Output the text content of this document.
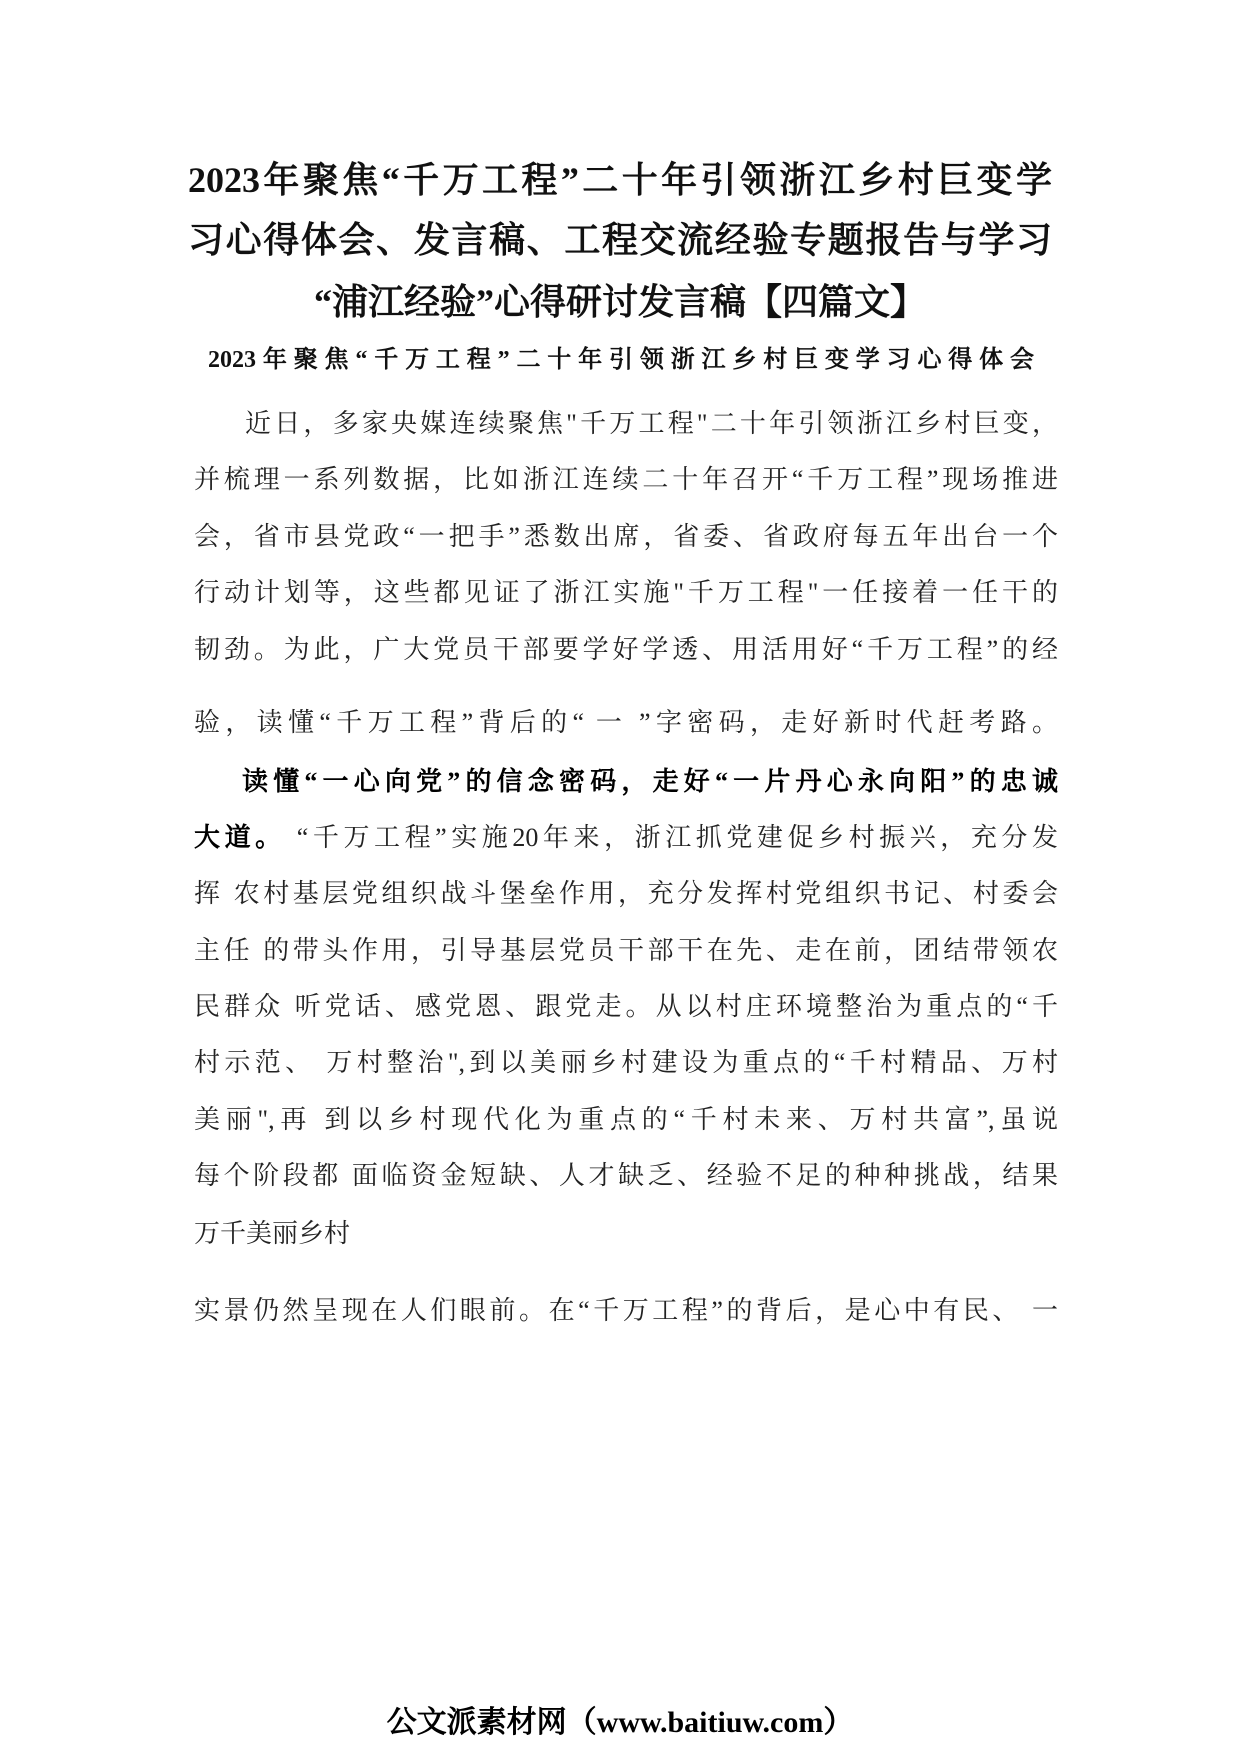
2023年聚焦“千万工程”二十年引领浙江乡村巨变学
习心得体会、发言稿、工程交流经验专题报告与学习
“浦江经验”心得研讨发言稿【四篇文】
2023年聚焦“千万工程”二十年引领浙江乡村巨变学习心得体会
近日，多家央媒连续聚焦"千万工程"二十年引领浙江乡村巨变，
并梳理一系列数据，比如浙江连续二十年召开“千万工程”现场推进
会，省市县党政“一把手”悉数出席，省委、省政府每五年出台一个
行动计划等，这些都见证了浙江实施"千万工程"一任接着一任干的
韧劲。为此，广大党员干部要学好学透、用活用好“千万工程”的经
验，读懂“千万工程”背后的“ 一 ”字密码，走好新时代赶考路。
读懂“一心向党”的信念密码，走好“一片丹心永向阳”的忠诚
大道。 “千万工程”实施20年来，浙江抓党建促乡村振兴，充分发
挥 农村基层党组织战斗堡垒作用，充分发挥村党组织书记、村委会
主任 的带头作用，引导基层党员干部干在先、走在前，团结带领农
民群众 听党话、感党恩、跟党走。从以村庄环境整治为重点的“千
村示范、 万村整治",到以美丽乡村建设为重点的“千村精品、万村
美丽",再 到以乡村现代化为重点的“千村未来、万村共富”,虽说
每个阶段都 面临资金短缺、人才缺乏、经验不足的种种挑战，结果
万千美丽乡村
实景仍然呈现在人们眼前。在“千万工程”的背后，是心中有民、 一
公文派素材网（www.baitiuw.com）
